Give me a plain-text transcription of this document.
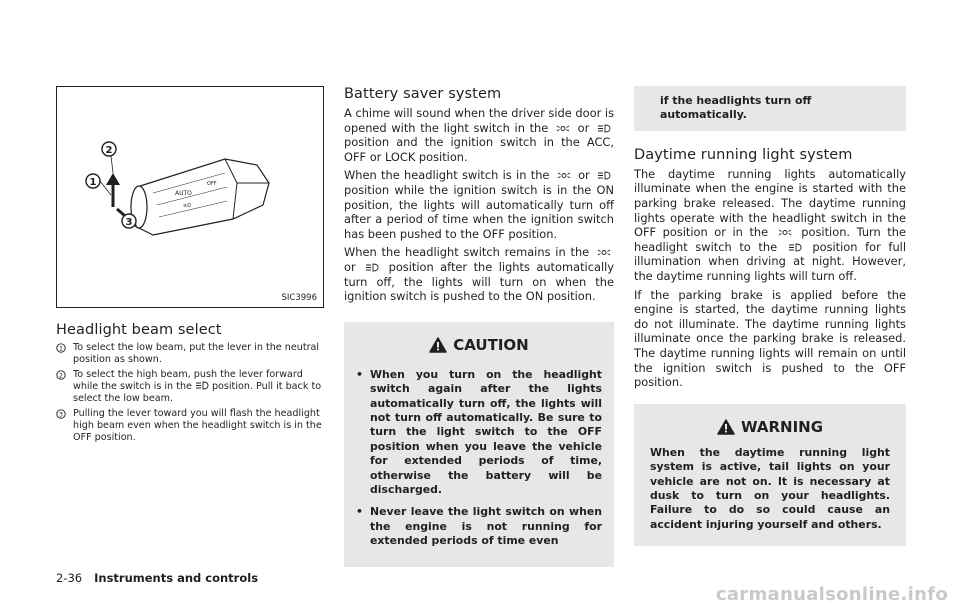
AUTO
OFF
≡D
1
2
3
SIC3996
Headlight beam select
1 To select the low beam, put the lever in the neutral position as shown.
2 To select the high beam, push the lever forward while the switch is in the position. Pull it back to select the low beam.
3 Pulling the lever toward you will flash the headlight high beam even when the headlight switch is in the OFF position.
Battery saver system

A chime will sound when the driver side door is opened with the light switch in the	or  position and the ignition switch in the ACC, OFF or LOCK position.

When the headlight switch is in the	or  position while the ignition switch is in the ON position, the lights will automatically turn off after a period of time when the ignition switch has been pushed to the OFF position.

When the headlight switch remains in the  or	position after the lights automatically turn off, the lights will turn on when the ignition switch is pushed to the ON position.

CAUTION
• When you turn on the headlight switch again after the lights automatically turn off, the lights will not turn off automatically. Be sure to turn the light switch to the OFF position when you leave the vehicle for extended periods of time, otherwise the battery will be discharged.
• Never leave the light switch on when the engine is not running for extended periods of time even
if the headlights turn off automatically.
Daytime running light system

The daytime running lights automatically illuminate when the engine is started with the parking brake released. The daytime running lights operate with the headlight switch in the OFF position or in the	position. Turn the headlight switch to the	position for full illumination when driving at night. However, the daytime running lights will turn off.

If the parking brake is applied before the engine is started, the daytime running lights do not illuminate. The daytime running lights illuminate once the parking brake is released. The daytime running lights will remain on until the ignition switch is pushed to the OFF position.

WARNING
When the daytime running light system is active, tail lights on your vehicle are not on. It is necessary at dusk to turn on your headlights. Failure to do so could cause an accident injuring yourself and others.
2-36 Instruments and controls
carmanualsonline.info
